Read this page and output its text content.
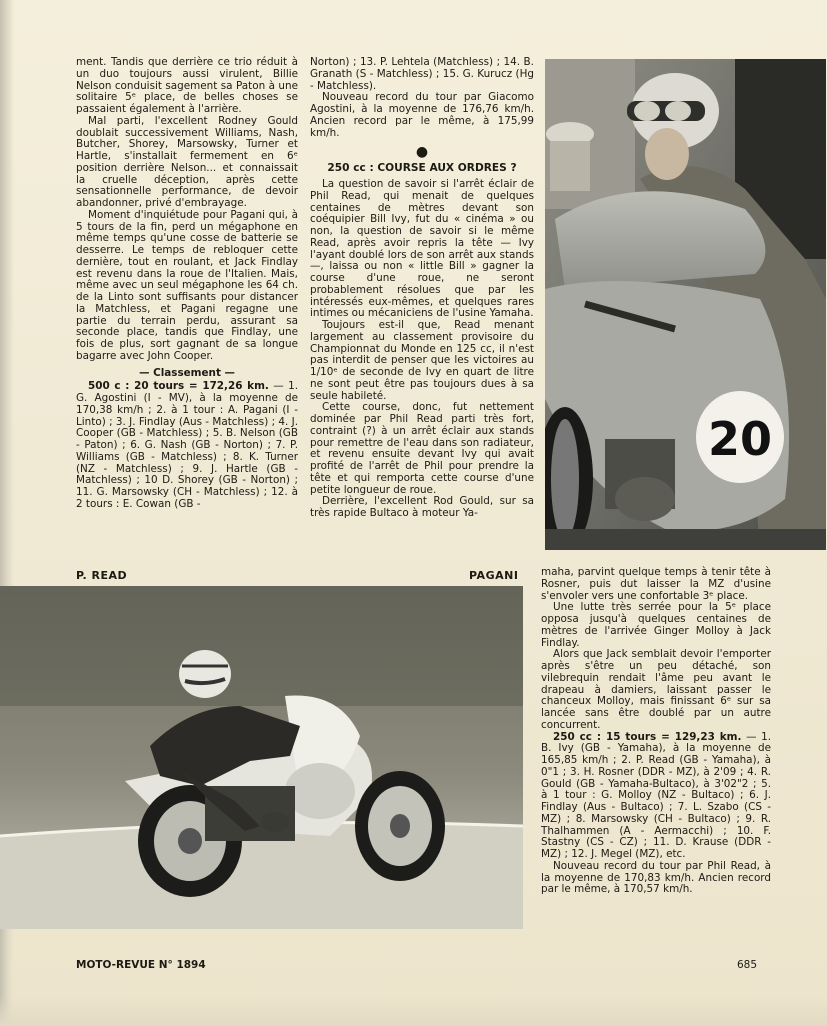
ment. Tandis que derrière ce trio réduit à un duo toujours aussi virulent, Billie Nelson conduisit sagement sa Paton à une solitaire 5ᵉ place, de belles choses se passaient également à l'arrière.

Mal parti, l'excellent Rodney Gould doublait successivement Williams, Nash, Butcher, Shorey, Marsowsky, Turner et Hartle, s'installait fermement en 6ᵉ position derrière Nelson... et connaissait la cruelle déception, après cette sensationnelle performance, de devoir abandonner, privé d'embrayage.

Moment d'inquiétude pour Pagani qui, à 5 tours de la fin, perd un mégaphone en même temps qu'une cosse de batterie se desserre. Le temps de rebloquer cette dernière, tout en roulant, et Jack Findlay est revenu dans la roue de l'Italien. Mais, même avec un seul mégaphone les 64 ch. de la Linto sont suffisants pour distancer la Matchless, et Pagani regagne une partie du terrain perdu, assurant sa seconde place, tandis que Findlay, une fois de plus, sort gagnant de sa longue bagarre avec John Cooper.

— Classement —

500 c : 20 tours = 172,26 km. — 1. G. Agostini (I - MV), à la moyenne de 170,38 km/h ; 2. à 1 tour : A. Pagani (I - Linto) ; 3. J. Findlay (Aus - Matchless) ; 4. J. Cooper (GB - Matchless) ; 5. B. Nelson (GB - Paton) ; 6. G. Nash (GB - Norton) ; 7. P. Williams (GB - Matchless) ; 8. K. Turner (NZ - Matchless) ; 9. J. Hartle (GB - Matchless) ; 10 D. Shorey (GB - Norton) ; 11. G. Marsowsky (CH - Matchless) ; 12. à 2 tours : E. Cowan (GB -

Norton) ; 13. P. Lehtela (Matchless) ; 14. B. Granath (S - Matchless) ; 15. G. Kurucz (Hg - Matchless).

Nouveau record du tour par Giacomo Agostini, à la moyenne de 176,76 km/h. Ancien record par le même, à 175,99 km/h.

●
250 cc : COURSE AUX ORDRES ?

La question de savoir si l'arrêt éclair de Phil Read, qui menait de quelques centaines de mètres devant son coéquipier Bill Ivy, fut du « cinéma » ou non, la question de savoir si le même Read, après avoir repris la tête — Ivy l'ayant doublé lors de son arrêt aux stands —, laissa ou non « little Bill » gagner la course d'une roue, ne seront probablement résolues que par les intéressés eux-mêmes, et quelques rares intimes ou mécaniciens de l'usine Yamaha.

Toujours est-il que, Read menant largement au classement provisoire du Championnat du Monde en 125 cc, il n'est pas interdit de penser que les victoires au 1/10ᵉ de seconde de Ivy en quart de litre ne sont peut être pas toujours dues à sa seule habileté.

Cette course, donc, fut nettement dominée par Phil Read parti très fort, contraint (?) à un arrêt éclair aux stands pour remettre de l'eau dans son radiateur, et revenu ensuite devant Ivy qui avait profité de l'arrêt de Phil pour prendre la tête et qui remporta cette course d'une petite longueur de roue.

Derrière, l'excellent Rod Gould, sur sa très rapide Bultaco à moteur Ya-

maha, parvint quelque temps à tenir tête à Rosner, puis dut laisser la MZ d'usine s'envoler vers une confortable 3ᵉ place.

Une lutte très serrée pour la 5ᵉ place opposa jusqu'à quelques centaines de mètres de l'arrivée Ginger Molloy à Jack Findlay.

Alors que Jack semblait devoir l'emporter après s'être un peu détaché, son vilebrequin rendait l'âme peu avant le drapeau à damiers, laissant passer le chanceux Molloy, mais finissant 6ᵉ sur sa lancée sans être doublé par un autre concurrent.

250 cc : 15 tours = 129,23 km. — 1. B. Ivy (GB - Yamaha), à la moyenne de 165,85 km/h ; 2. P. Read (GB - Yamaha), à 0"1 ; 3. H. Rosner (DDR - MZ), à 2'09 ; 4. R. Gould (GB - Yamaha-Bultaco), à 3'02"2 ; 5. à 1 tour : G. Molloy (NZ - Bultaco) ; 6. J. Findlay (Aus - Bultaco) ; 7. L. Szabo (CS - MZ) ; 8. Marsowsky (CH - Bultaco) ; 9. R. Thalhammen (A - Aermacchi) ; 10. F. Stastny (CS - CZ) ; 11. D. Krause (DDR - MZ) ; 12. J. Megel (MZ), etc.

Nouveau record du tour par Phil Read, à la moyenne de 170,83 km/h. Ancien record par le même, à 170,57 km/h.

20
P. READ	PAGANI
MOTO-REVUE N° 1894	685
